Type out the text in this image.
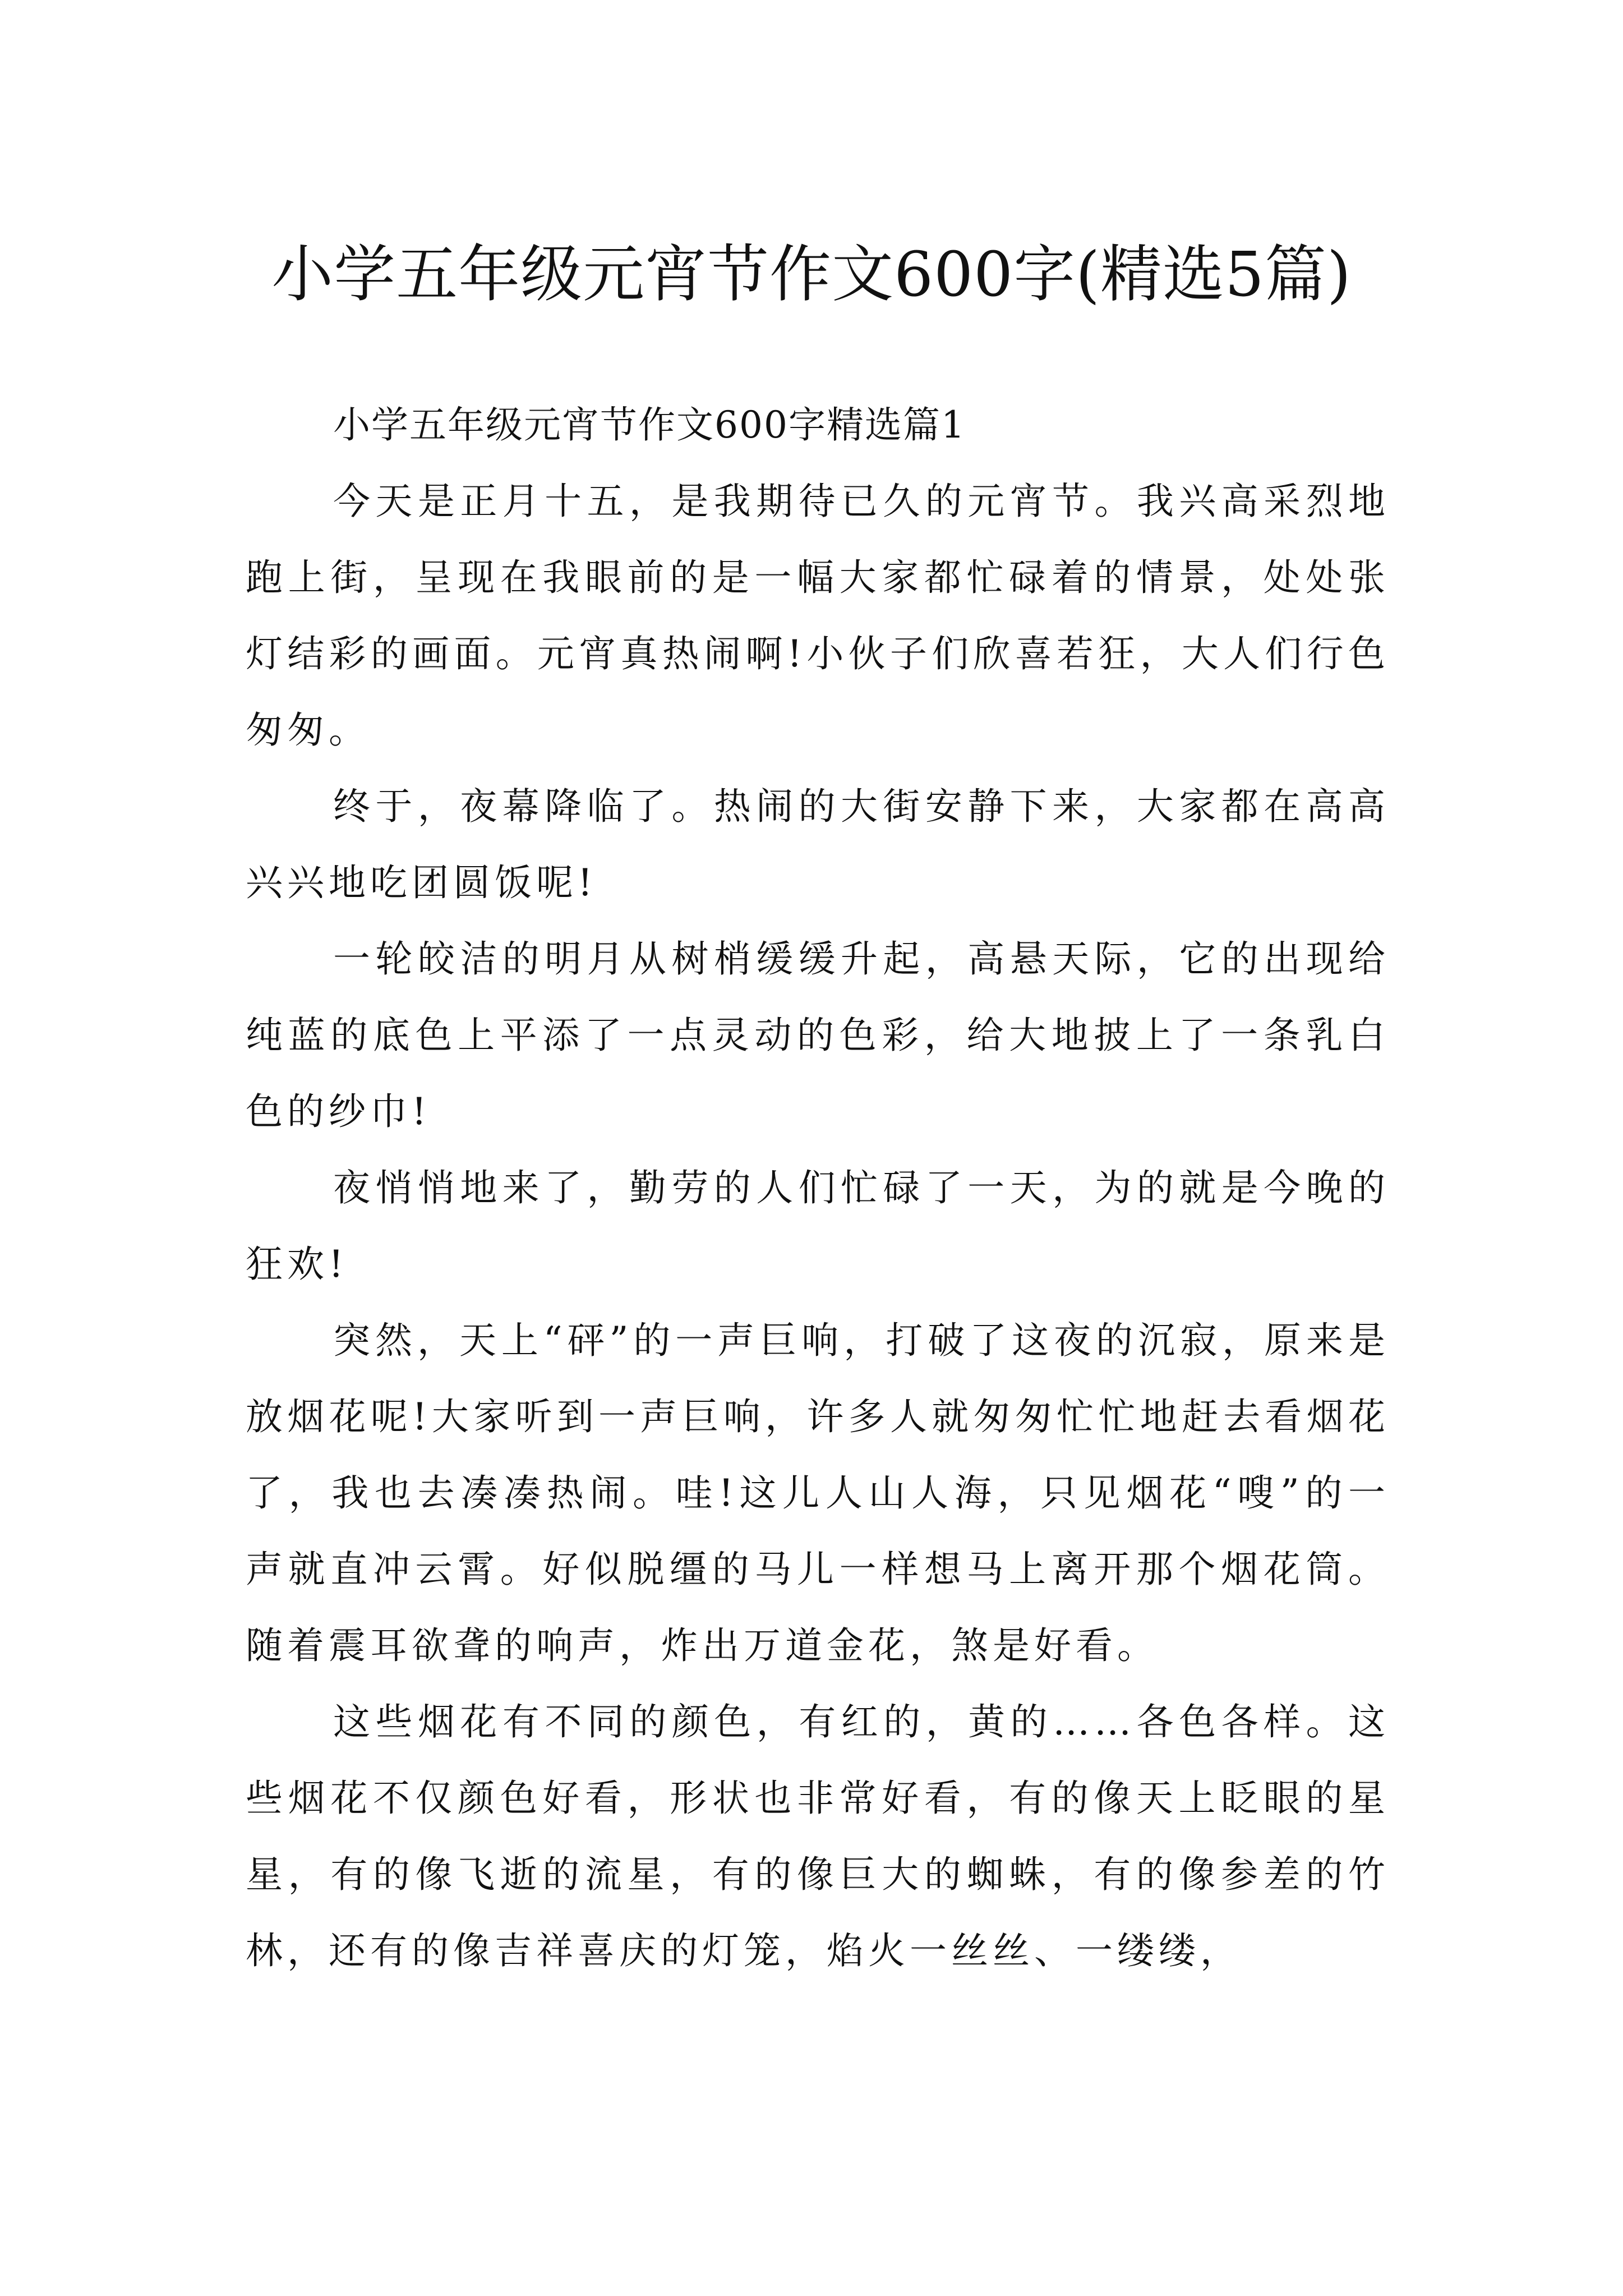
小学五年级元宵节作文600字(精选5篇)

小学五年级元宵节作文600字精选篇1

今天是正月十五，是我期待已久的元宵节。我兴高采烈地跑上街，呈现在我眼前的是一幅大家都忙碌着的情景，处处张灯结彩的画面。元宵真热闹啊!小伙子们欣喜若狂，大人们行色匆匆。

终于，夜幕降临了。热闹的大街安静下来，大家都在高高兴兴地吃团圆饭呢!

一轮皎洁的明月从树梢缓缓升起，高悬天际，它的出现给纯蓝的底色上平添了一点灵动的色彩，给大地披上了一条乳白色的纱巾!

夜悄悄地来了，勤劳的人们忙碌了一天，为的就是今晚的狂欢!

突然，天上“砰”的一声巨响，打破了这夜的沉寂，原来是放烟花呢!大家听到一声巨响，许多人就匆匆忙忙地赶去看烟花了，我也去凑凑热闹。哇!这儿人山人海，只见烟花“嗖”的一声就直冲云霄。好似脱缰的马儿一样想马上离开那个烟花筒。随着震耳欲聋的响声，炸出万道金花，煞是好看。

这些烟花有不同的颜色，有红的，黄的……各色各样。这些烟花不仅颜色好看，形状也非常好看，有的像天上眨眼的星星，有的像飞逝的流星，有的像巨大的蜘蛛，有的像参差的竹林，还有的像吉祥喜庆的灯笼，焰火一丝丝、一缕缕，
